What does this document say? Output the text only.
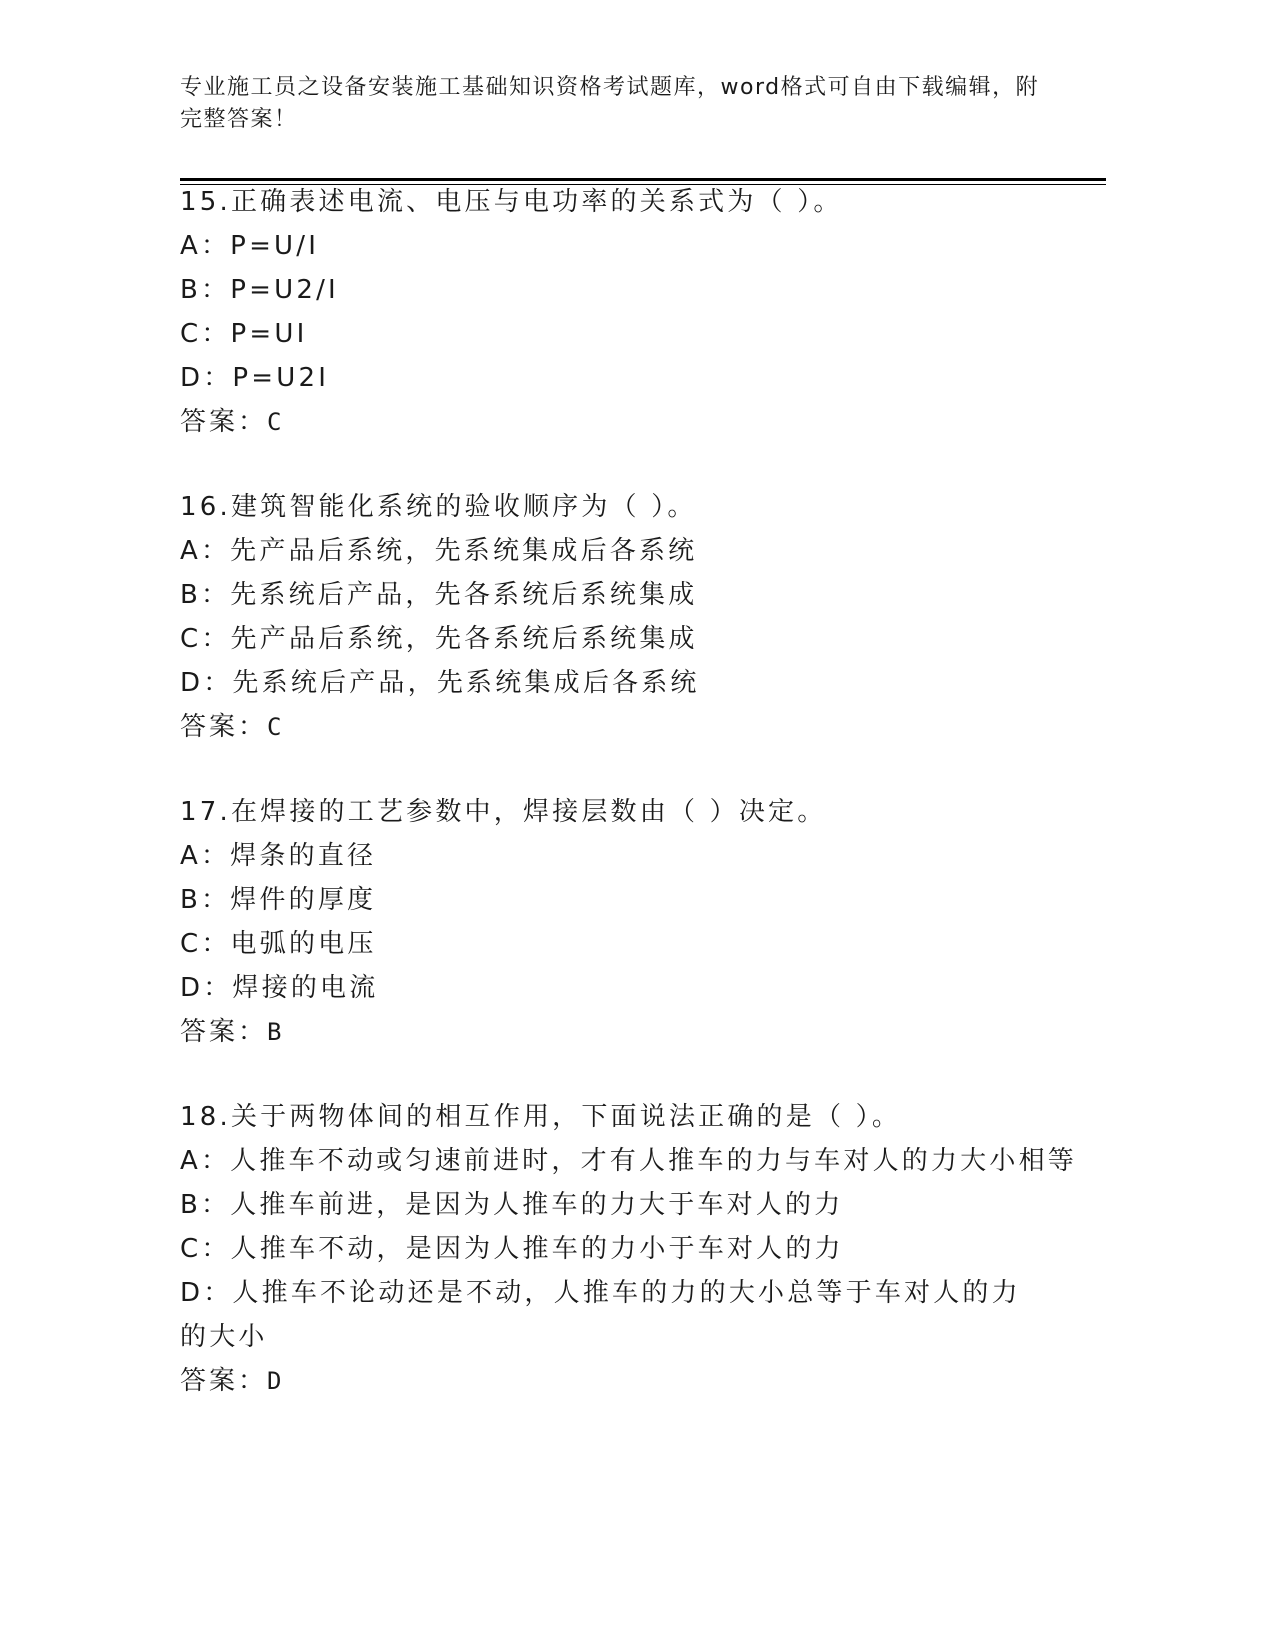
专业施工员之设备安装施工基础知识资格考试题库，word格式可自由下载编辑，附完整答案！
15.正确表述电流、电压与电功率的关系式为（ ）。
A：P=U/I
B：P=U2/I
C：P=UI
D：P=U2I
答案：C
16.建筑智能化系统的验收顺序为（ ）。
A：先产品后系统，先系统集成后各系统
B：先系统后产品，先各系统后系统集成
C：先产品后系统，先各系统后系统集成
D：先系统后产品，先系统集成后各系统
答案：C
17.在焊接的工艺参数中，焊接层数由（ ）决定。
A：焊条的直径
B：焊件的厚度
C：电弧的电压
D：焊接的电流
答案：B
18.关于两物体间的相互作用，下面说法正确的是（ ）。
A：人推车不动或匀速前进时，才有人推车的力与车对人的力大小相等
B：人推车前进，是因为人推车的力大于车对人的力
C：人推车不动，是因为人推车的力小于车对人的力
D：人推车不论动还是不动，人推车的力的大小总等于车对人的力的大小
答案：D
